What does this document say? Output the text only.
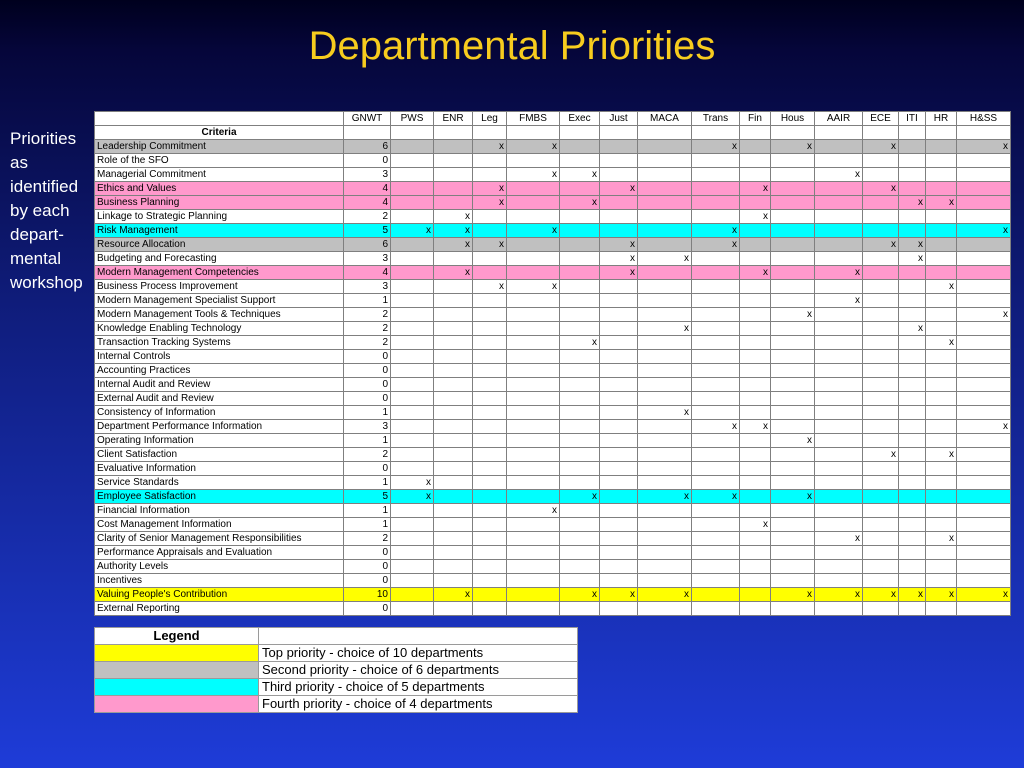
Departmental Priorities
Priorities as identified by each depart-mental workshop
	GNWT	PWS	ENR	Leg	FMBS	Exec	Just	MACA	Trans	Fin	Hous	AAIR	ECE	ITI	HR	H&SS
Criteria																
Leadership Commitment	6			x	x				x		x		x			x
Role of the SFO	0															
Managerial Commitment	3				x	x						x				
Ethics and Values	4			x			x			x			x			
Business Planning	4			x		x								x	x	
Linkage to Strategic Planning	2		x							x						
Risk Management	5	x	x		x				x							x
Resource Allocation	6		x	x			x		x				x	x		
Budgeting and Forecasting	3						x	x						x		
Modern Management Competencies	4		x				x			x		x				
Business Process Improvement	3			x	x										x	
Modern Management Specialist Support	1											x				
Modern Management Tools & Techniques	2										x					x
Knowledge Enabling Technology	2							x						x		
Transaction Tracking Systems	2					x									x	
Internal Controls	0															
Accounting Practices	0															
Internal Audit and Review	0															
External Audit and Review	0															
Consistency of Information	1							x								
Department Performance Information	3								x	x						x
Operating Information	1										x					
Client Satisfaction	2												x		x	
Evaluative Information	0															
Service Standards	1	x														
Employee Satisfaction	5	x				x		x	x		x					
Financial Information	1				x											
Cost Management Information	1									x						
Clarity of Senior Management Responsibilities	2											x			x	
Performance Appraisals and Evaluation	0															
Authority Levels	0															
Incentives	0															
Valuing People's Contribution	10		x			x	x	x			x	x	x	x	x	x
External Reporting	0															
Legend	
	Top priority - choice of 10 departments
	Second priority - choice of 6 departments
	Third priority - choice of 5 departments
	Fourth priority - choice of 4 departments
